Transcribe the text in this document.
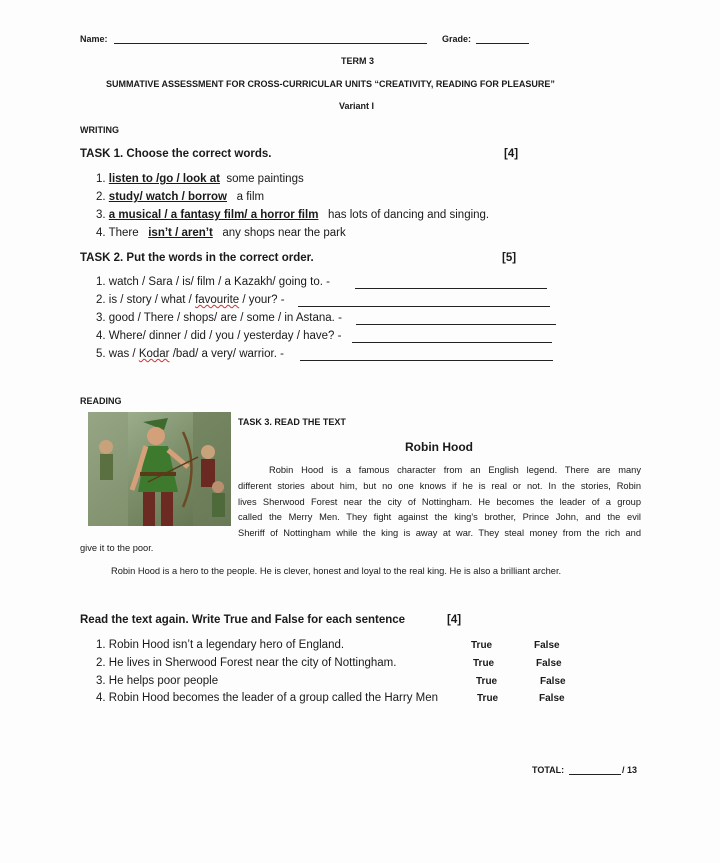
Name:	Grade:
TERM 3
SUMMATIVE ASSESSMENT FOR CROSS-CURRICULAR UNITS “CREATIVITY, READING FOR PLEASURE”
Variant I
WRITING
TASK 1. Choose the correct words.	[4]
1. listen to /go / look at some paintings
2. study/ watch / borrow a film
3. a musical / a fantasy film/ a horror film has lots of dancing and singing.
4. There isn’t / aren’t any shops near the park
TASK 2. Put the words in the correct order.	[5]
1. watch / Sara / is/ film / a Kazakh/ going to. -
2. is / story / what / favourite / your? -
3. good / There / shops/ are / some / in Astana. -
4. Where/ dinner / did / you / yesterday / have? -
5. was / Kodar /bad/ a very/ warrior. -
READING
TASK 3. READ THE TEXT
Robin Hood
Robin Hood is a famous character from an English legend. There are many
different stories about him, but no one knows if he is real or not. In the stories, Robin
lives Sherwood Forest near the city of Nottingham. He becomes the leader of a group
called the Merry Men. They fight against the king's brother, Prince John, and the evil
Sheriff of Nottingham while the king is away at war. They steal money from the rich and
give it to the poor.
Robin Hood is a hero to the people. He is clever, honest and loyal to the real king. He is also a brilliant archer.
Read the text again. Write True and False for each sentence	[4]
1. Robin Hood isn’t a legendary hero of England.	True	False
2. He lives in Sherwood Forest near the city of Nottingham.	True	False
3. He helps poor people	True	False
4. Robin Hood becomes the leader of a group called the Harry Men	True	False
TOTAL:	/ 13
